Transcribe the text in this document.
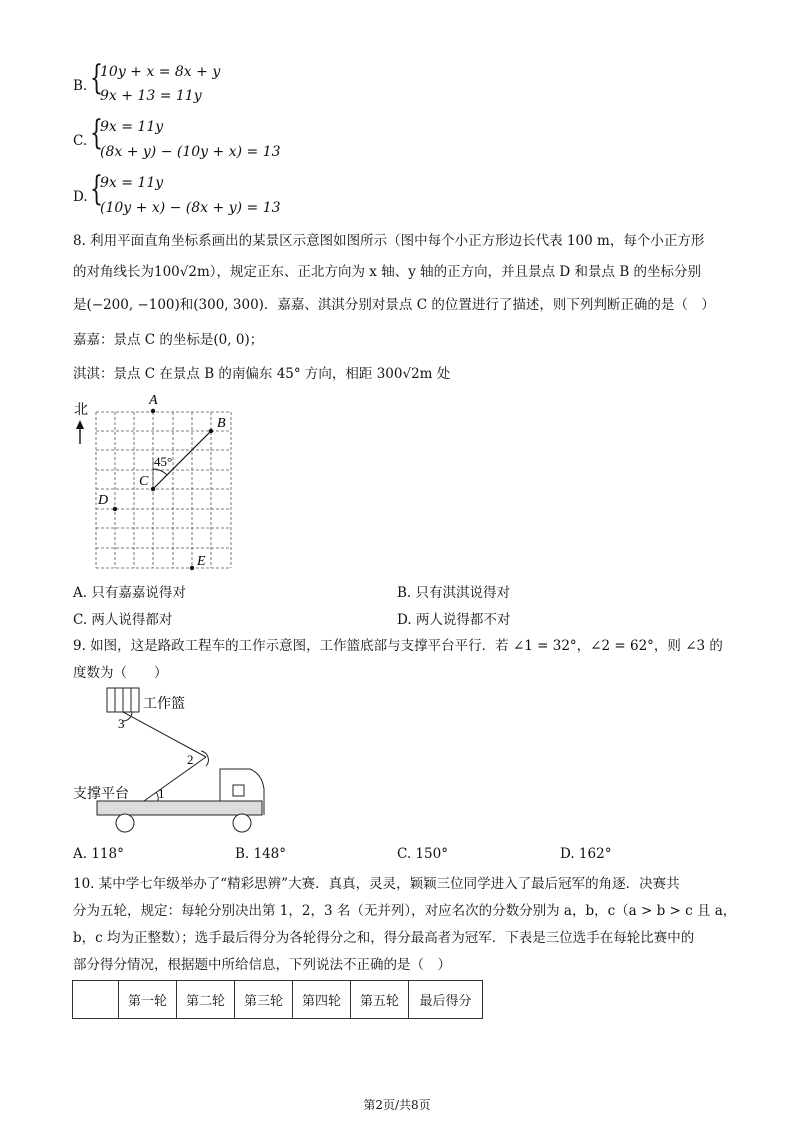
B. {
10y + x = 8x + y
9x + 13 = 11y
C. {
9x = 11y
(8x + y) − (10y + x) = 13
D. {
9x = 11y
(10y + x) − (8x + y) = 13
8. 利用平面直角坐标系画出的某景区示意图如图所示（图中每个小正方形边长代表 100 m，每个小正方形
的对角线长为100√2m），规定正东、正北方向为 x 轴、y 轴的正方向，并且景点 D 和景点 B 的坐标分别
是(−200, −100)和(300, 300)．嘉嘉、淇淇分别对景点 C 的位置进行了描述，则下列判断正确的是（　）
嘉嘉：景点 C 的坐标是(0, 0)；
淇淇：景点 C 在景点 B 的南偏东 45° 方向，相距 300√2m 处
北
A
B
C
D
E
45°
A. 只有嘉嘉说得对	B. 只有淇淇说得对
C. 两人说得都对	D. 两人说得都不对
9. 如图，这是路政工程车的工作示意图，工作篮底部与支撑平台平行．若 ∠1 = 32°，∠2 = 62°，则 ∠3 的
度数为（　　）
工作篮
支撑平台
3
2
1
A. 118°	B. 148°	C. 150°	D. 162°
10. 某中学七年级举办了“精彩思辨”大赛．真真，灵灵，颖颖三位同学进入了最后冠军的角逐．决赛共
分为五轮，规定：每轮分别决出第 1，2，3 名（无并列），对应名次的分数分别为 a，b，c（a > b > c 且 a，
b，c 均为正整数）；选手最后得分为各轮得分之和，得分最高者为冠军．下表是三位选手在每轮比赛中的
部分得分情况，根据题中所给信息，下列说法不正确的是（　）
	第一轮	第二轮	第三轮	第四轮	第五轮	最后得分
第2页/共8页
